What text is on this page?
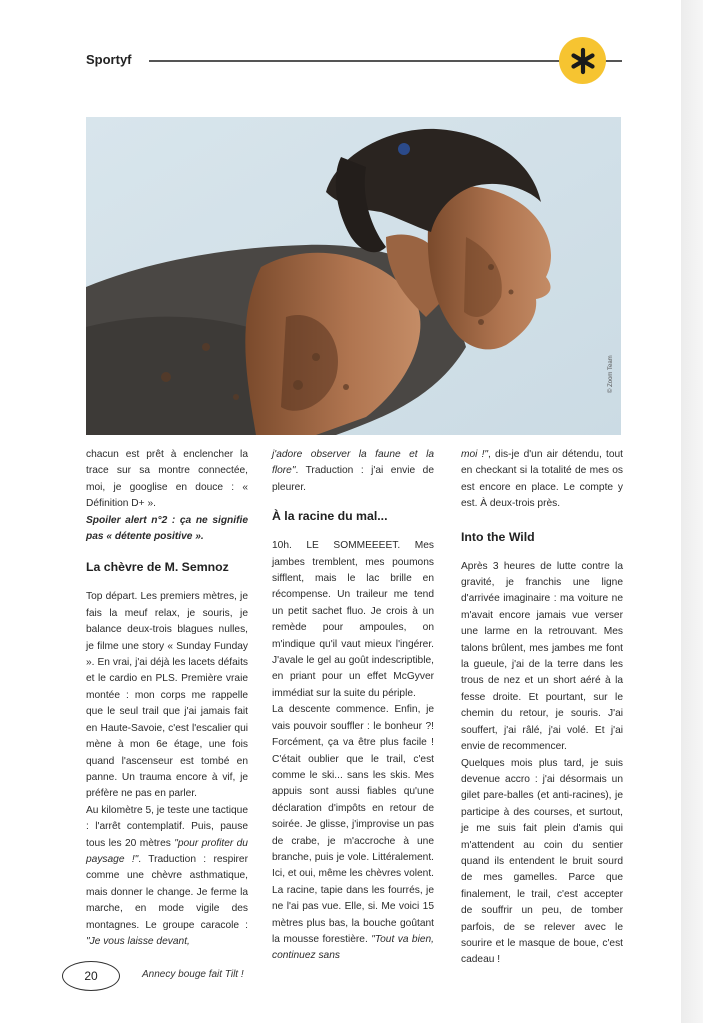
Sportyf
© Zoom Team

chacun est prêt à enclencher la trace sur sa montre connectée, moi, je googlise en douce : « Définition D+ ».

Spoiler alert n°2 : ça ne signifie pas « détente positive ».

La chèvre de M. Semnoz

Top départ. Les premiers mètres, je fais la meuf relax, je souris, je balance deux-trois blagues nulles, je filme une story « Sunday Funday ». En vrai, j'ai déjà les lacets défaits et le cardio en PLS. Première vraie montée : mon corps me rappelle que le seul trail que j'ai jamais fait en Haute-Savoie, c'est l'escalier qui mène à mon 6e étage, une fois quand l'ascenseur est tombé en panne. Un trauma encore à vif, je préfère ne pas en parler.

Au kilomètre 5, je teste une tactique : l'arrêt contemplatif. Puis, pause tous les 20 mètres "pour profiter du paysage !". Traduction : respirer comme une chèvre asthmatique, mais donner le change. Je ferme la marche, en mode vigile des montagnes. Le groupe caracole : "Je vous laisse devant,

j'adore observer la faune et la flore". Traduction : j'ai envie de pleurer.

À la racine du mal...

10h. LE SOMMEEEET. Mes jambes tremblent, mes poumons sifflent, mais le lac brille en récompense. Un traileur me tend un petit sachet fluo. Je crois à un remède pour ampoules, on m'indique qu'il vaut mieux l'ingérer. J'avale le gel au goût indescriptible, en priant pour un effet McGyver immédiat sur la suite du périple.

La descente commence. Enfin, je vais pouvoir souffler : le bonheur ?! Forcément, ça va être plus facile ! C'était oublier que le trail, c'est comme le ski... sans les skis. Mes appuis sont aussi fiables qu'une déclaration d'impôts en retour de soirée. Je glisse, j'improvise un pas de crabe, je m'accroche à une branche, puis je vole. Littéralement. Ici, et oui, même les chèvres volent. La racine, tapie dans les fourrés, je ne l'ai pas vue. Elle, si. Me voici 15 mètres plus bas, la bouche goûtant la mousse forestière. "Tout va bien, continuez sans

moi !", dis-je d'un air détendu, tout en checkant si la totalité de mes os est encore en place. Le compte y est. À deux-trois près.

Into the Wild

Après 3 heures de lutte contre la gravité, je franchis une ligne d'arrivée imaginaire : ma voiture ne m'avait encore jamais vue verser une larme en la retrouvant. Mes talons brûlent, mes jambes me font la gueule, j'ai de la terre dans les trous de nez et un short aéré à la fesse droite. Et pourtant, sur le chemin du retour, je souris. J'ai souffert, j'ai râlé, j'ai volé. Et j'ai envie de recommencer.

Quelques mois plus tard, je suis devenue accro : j'ai désormais un gilet pare-balles (et anti-racines), je participe à des courses, et surtout, je me suis fait plein d'amis qui m'attendent au coin du sentier quand ils entendent le bruit sourd de mes gamelles. Parce que finalement, le trail, c'est accepter de souffrir un peu, de tomber parfois, de se relever avec le sourire et le masque de boue, c'est cadeau !

20	Annecy bouge fait Tilt !
